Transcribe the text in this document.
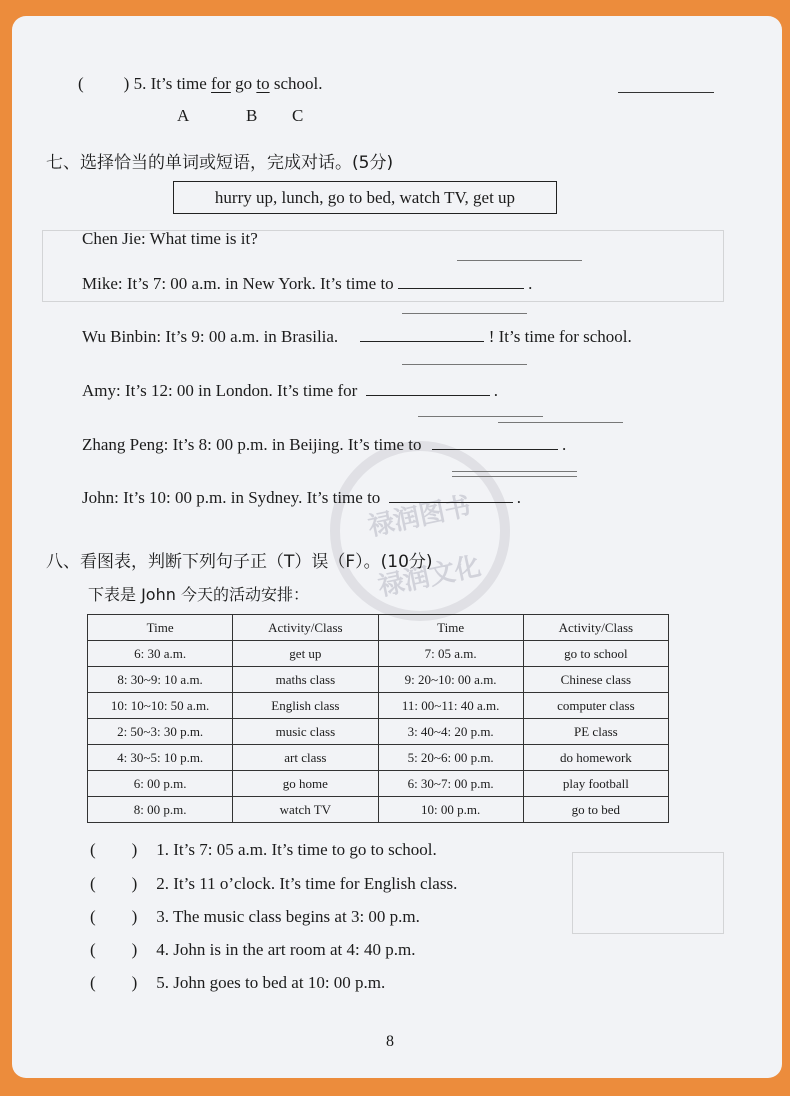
禄润图书
禄润文化
( ) 5. It’s time for go to school.
A	B C
七、选择恰当的单词或短语，完成对话。(5分)
hurry up, lunch, go to bed, watch TV, get up
Chen Jie: What time is it?
Mike: It’s 7: 00 a.m. in New York. It’s time to	.
Wu Binbin: It’s 9: 00 a.m. in Brasilia.	! It’s time for school.
Amy: It’s 12: 00 in London. It’s time for	.
Zhang Peng: It’s 8: 00 p.m. in Beijing. It’s time to	.
John: It’s 10: 00 p.m. in Sydney. It’s time to	.
八、看图表，判断下列句子正（T）误（F）。(10分)
下表是 John 今天的活动安排：
Time	Activity/Class	Time	Activity/Class
6: 30 a.m.	get up	7: 05 a.m.	go to school
8: 30~9: 10 a.m.	maths class	9: 20~10: 00 a.m.	Chinese class
10: 10~10: 50 a.m.	English class	11: 00~11: 40 a.m.	computer class
2: 50~3: 30 p.m.	music class	3: 40~4: 20 p.m.	PE class
4: 30~5: 10 p.m.	art class	5: 20~6: 00 p.m.	do homework
6: 00 p.m.	go home	6: 30~7: 00 p.m.	play football
8: 00 p.m.	watch TV	10: 00 p.m.	go to bed
( ) 1. It’s 7: 05 a.m. It’s time to go to school.
( ) 2. It’s 11 o’clock. It’s time for English class.
( ) 3. The music class begins at 3: 00 p.m.
( ) 4. John is in the art room at 4: 40 p.m.
( ) 5. John goes to bed at 10: 00 p.m.
8
